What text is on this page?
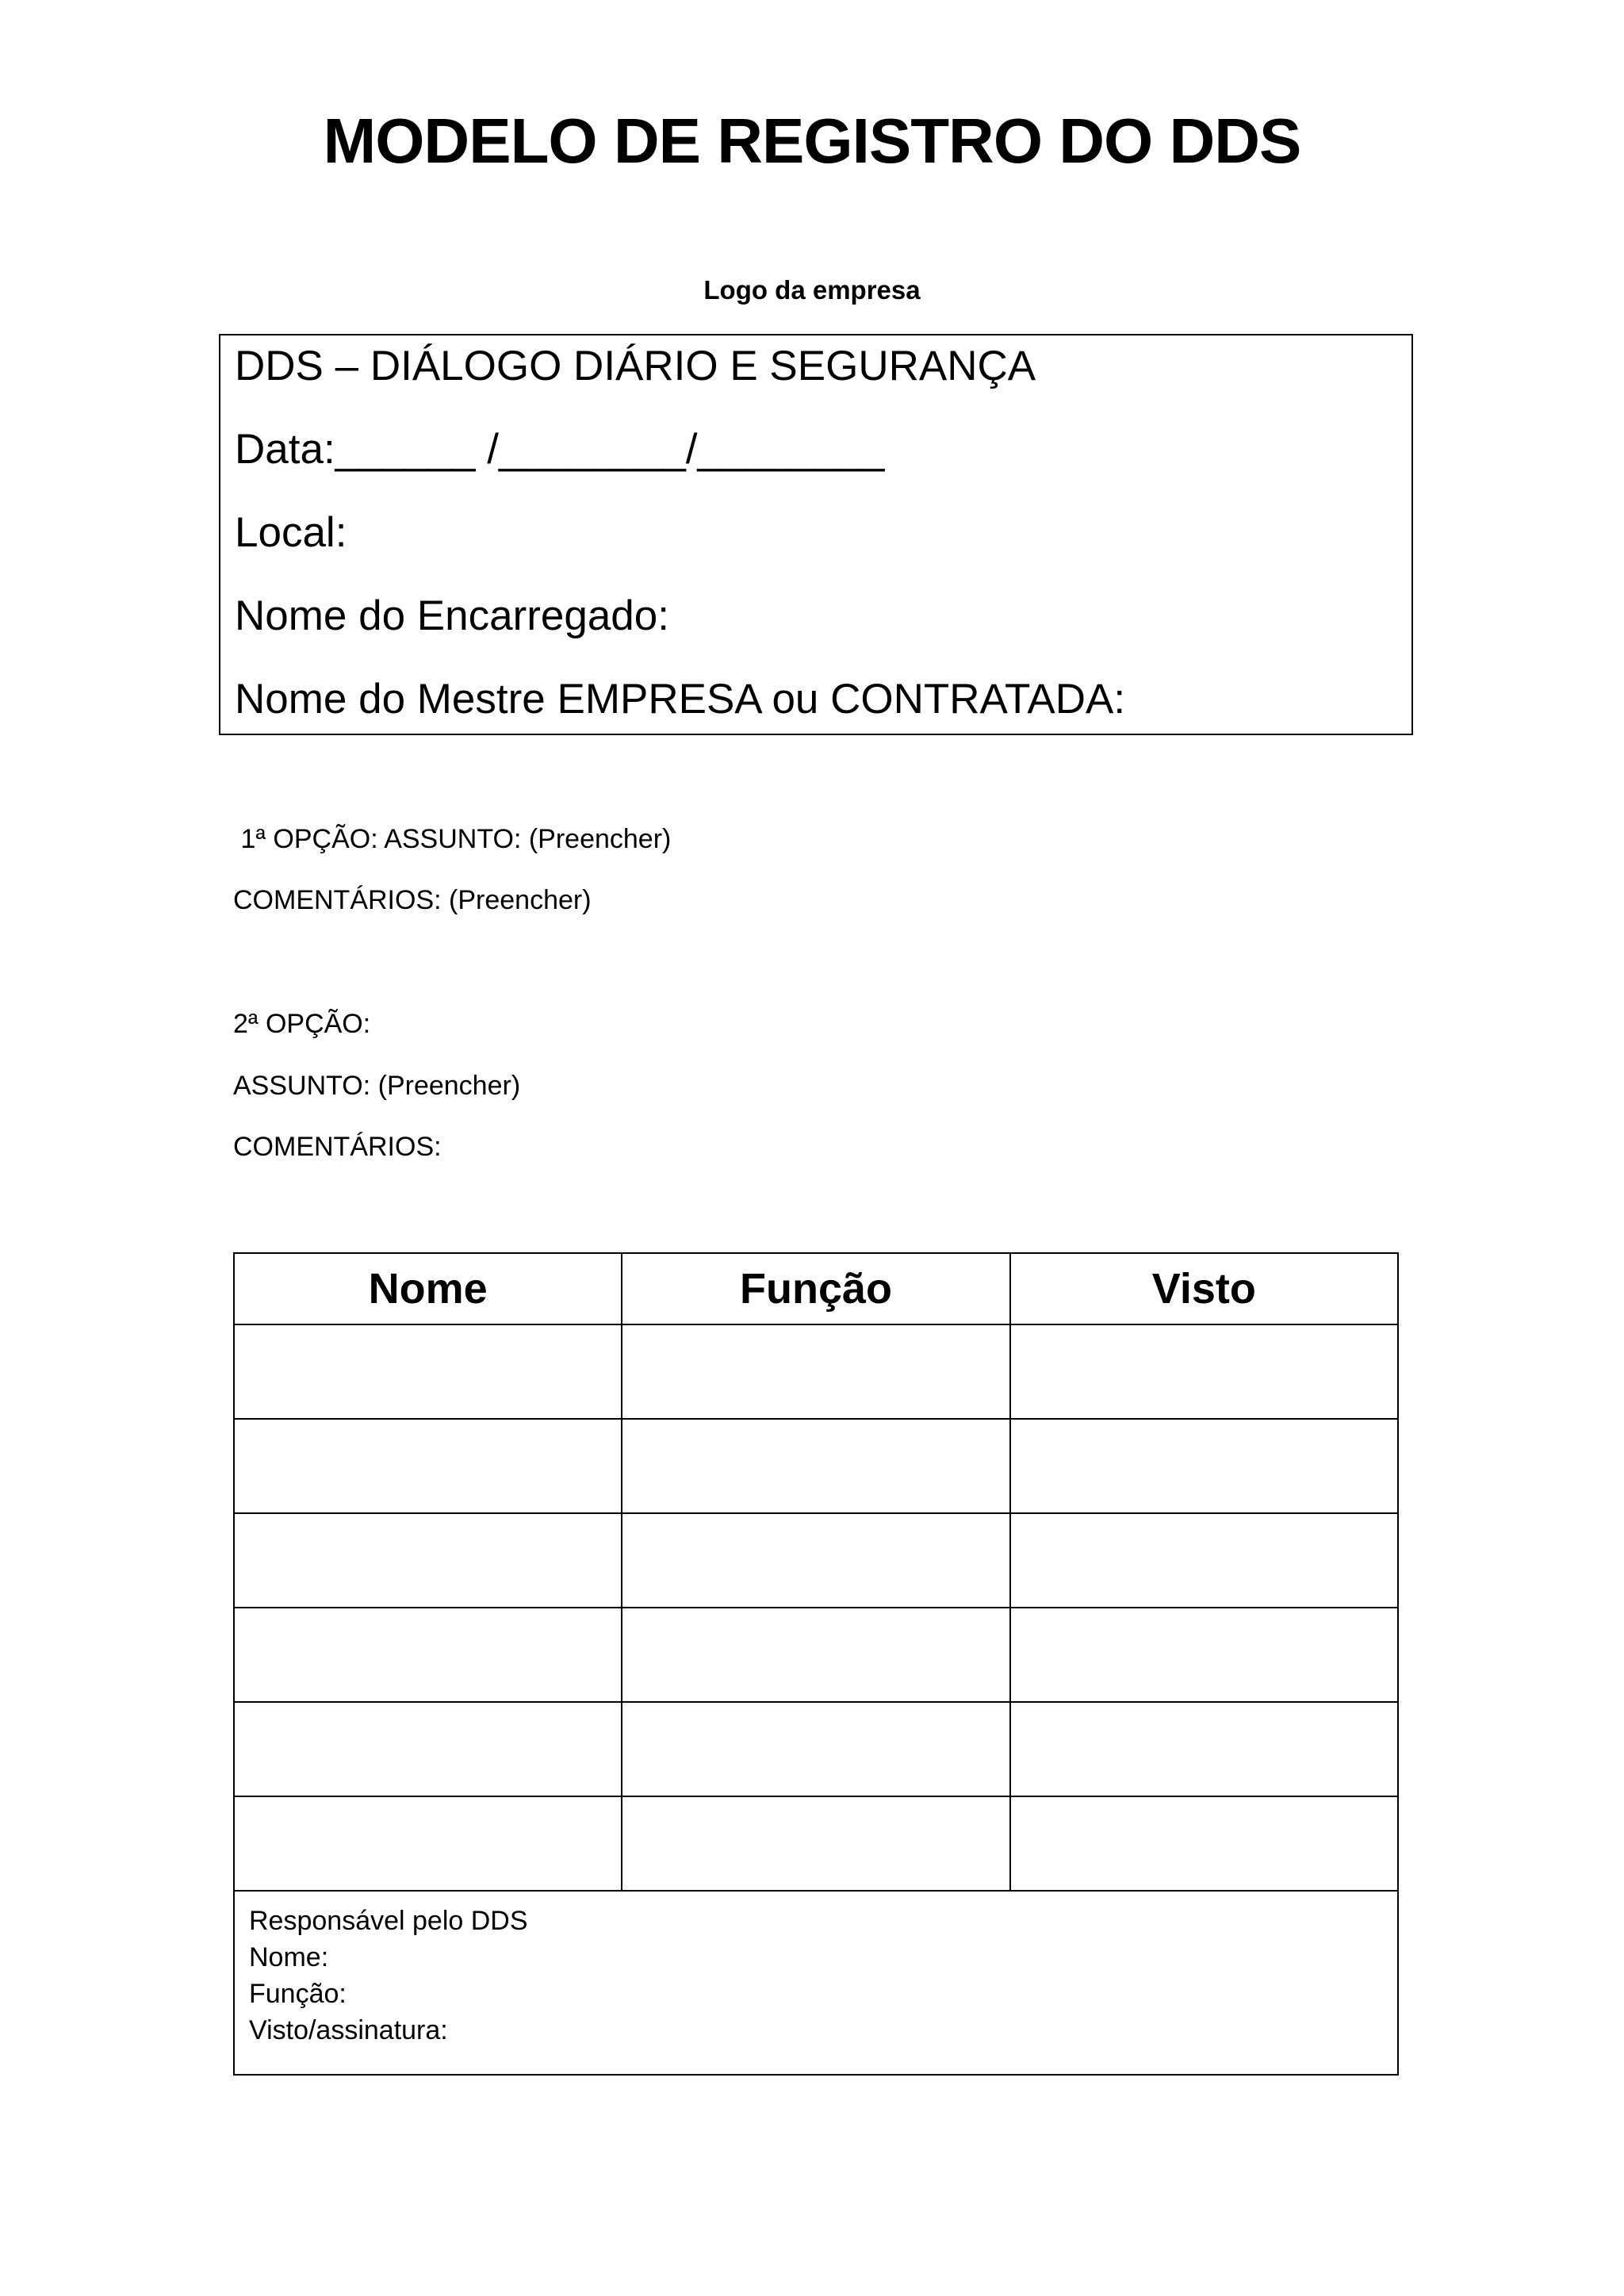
MODELO DE REGISTRO DO DDS
Logo da empresa
DDS – DIÁLOGO DIÁRIO E SEGURANÇA
Data:______ /________/________
Local:
Nome do Encarregado:
Nome do Mestre EMPRESA ou CONTRATADA:
1ª OPÇÃO: ASSUNTO: (Preencher)
COMENTÁRIOS: (Preencher)
2ª OPÇÃO:
ASSUNTO: (Preencher)
COMENTÁRIOS:
Nome	Função	Visto

Responsável pelo DDS
Nome:
Função:
Visto/assinatura:		
